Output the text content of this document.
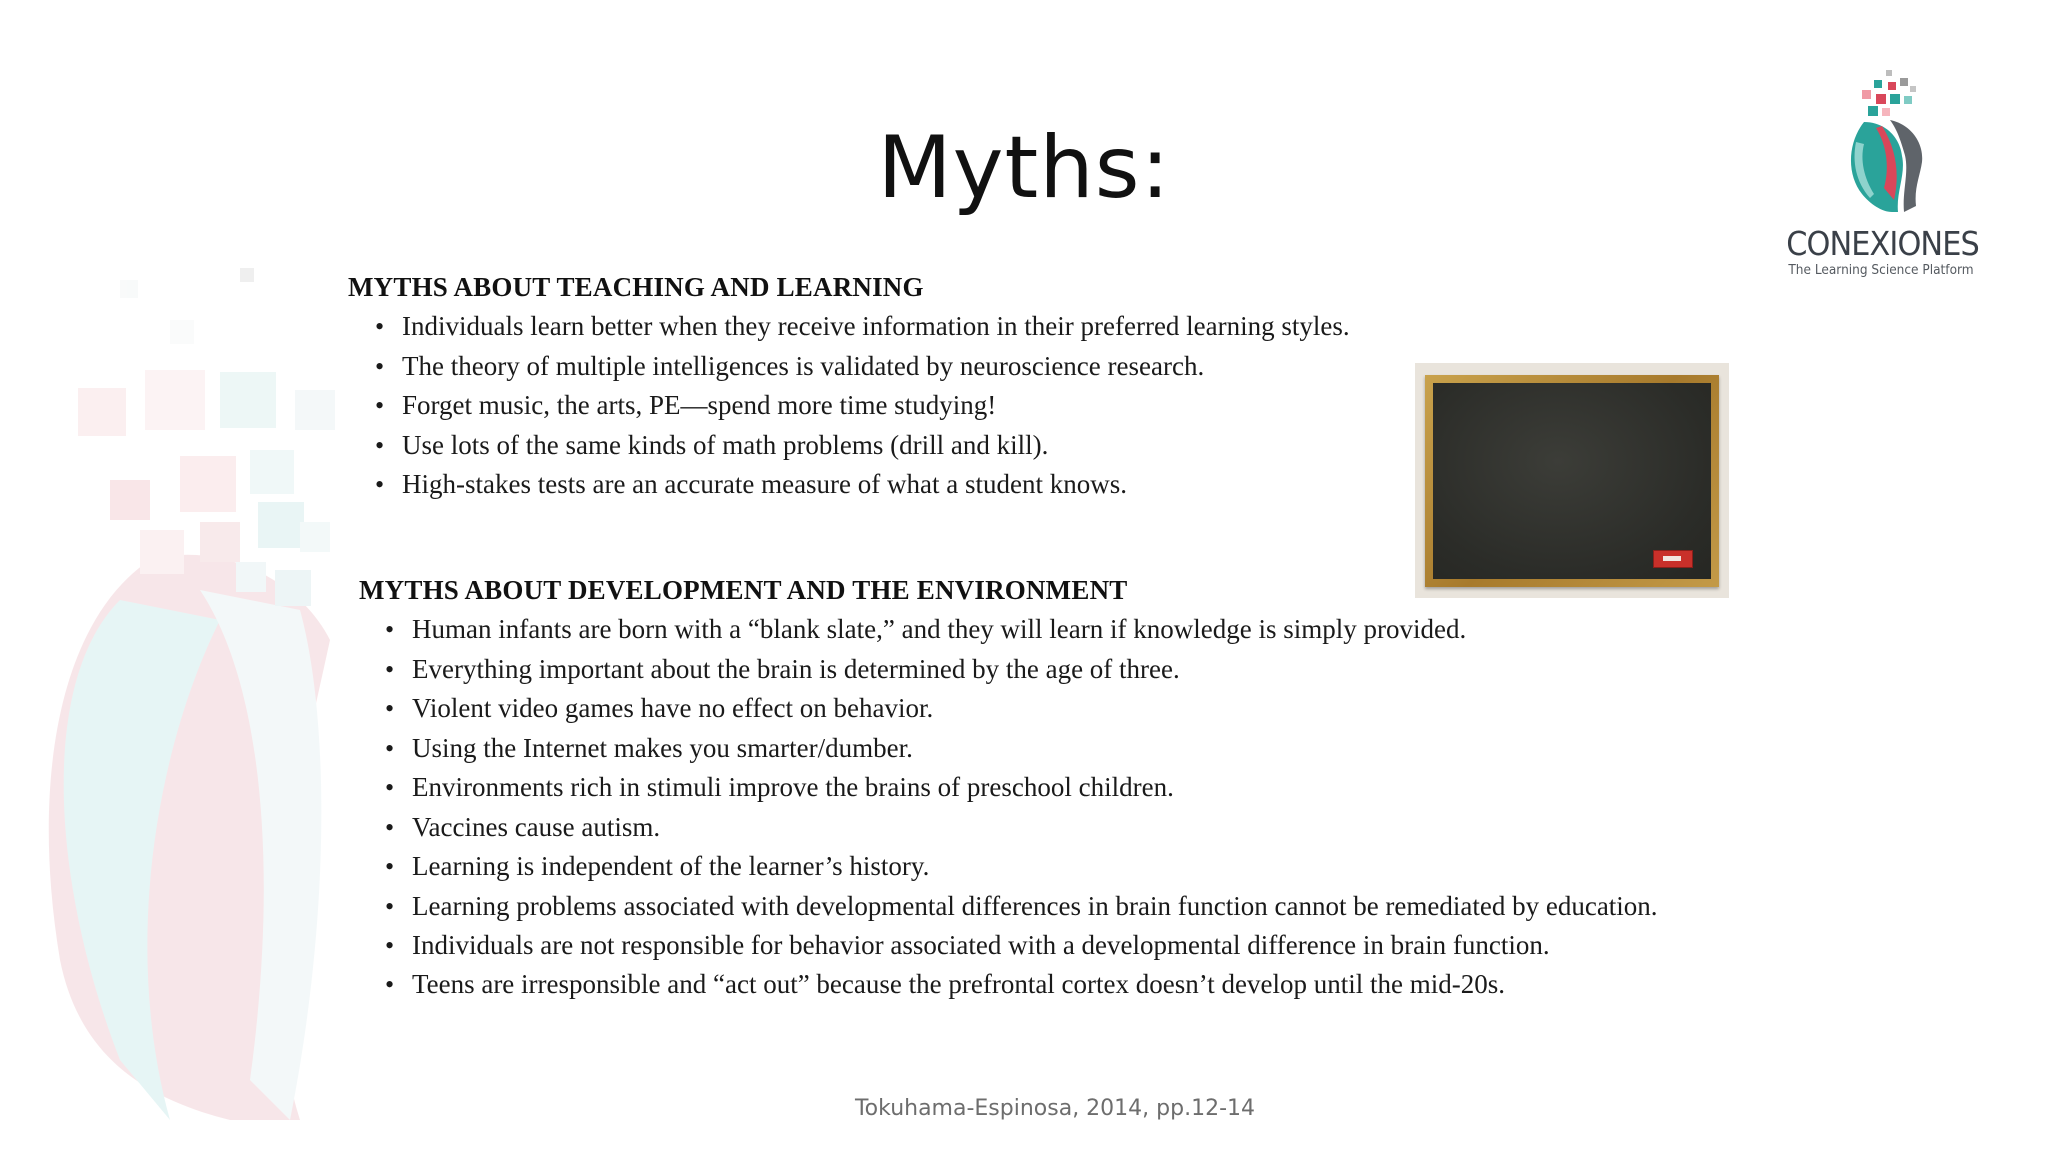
Myths:
CONEXIONES
The Learning Science Platform
MYTHS ABOUT TEACHING AND LEARNING
• Individuals learn better when they receive information in their preferred learning styles.
• The theory of multiple intelligences is validated by neuroscience research.
• Forget music, the arts, PE—spend more time studying!
• Use lots of the same kinds of math problems (drill and kill).
• High-stakes tests are an accurate measure of what a student knows.
MYTHS ABOUT DEVELOPMENT AND THE ENVIRONMENT
• Human infants are born with a “blank slate,” and they will learn if knowledge is simply provided.
• Everything important about the brain is determined by the age of three.
• Violent video games have no effect on behavior.
• Using the Internet makes you smarter/dumber.
• Environments rich in stimuli improve the brains of preschool children.
• Vaccines cause autism.
• Learning is independent of the learner’s history.
• Learning problems associated with developmental differences in brain function cannot be remediated by education.
• Individuals are not responsible for behavior associated with a developmental difference in brain function.
• Teens are irresponsible and “act out” because the prefrontal cortex doesn’t develop until the mid-20s.
Tokuhama-Espinosa, 2014, pp.12-14
